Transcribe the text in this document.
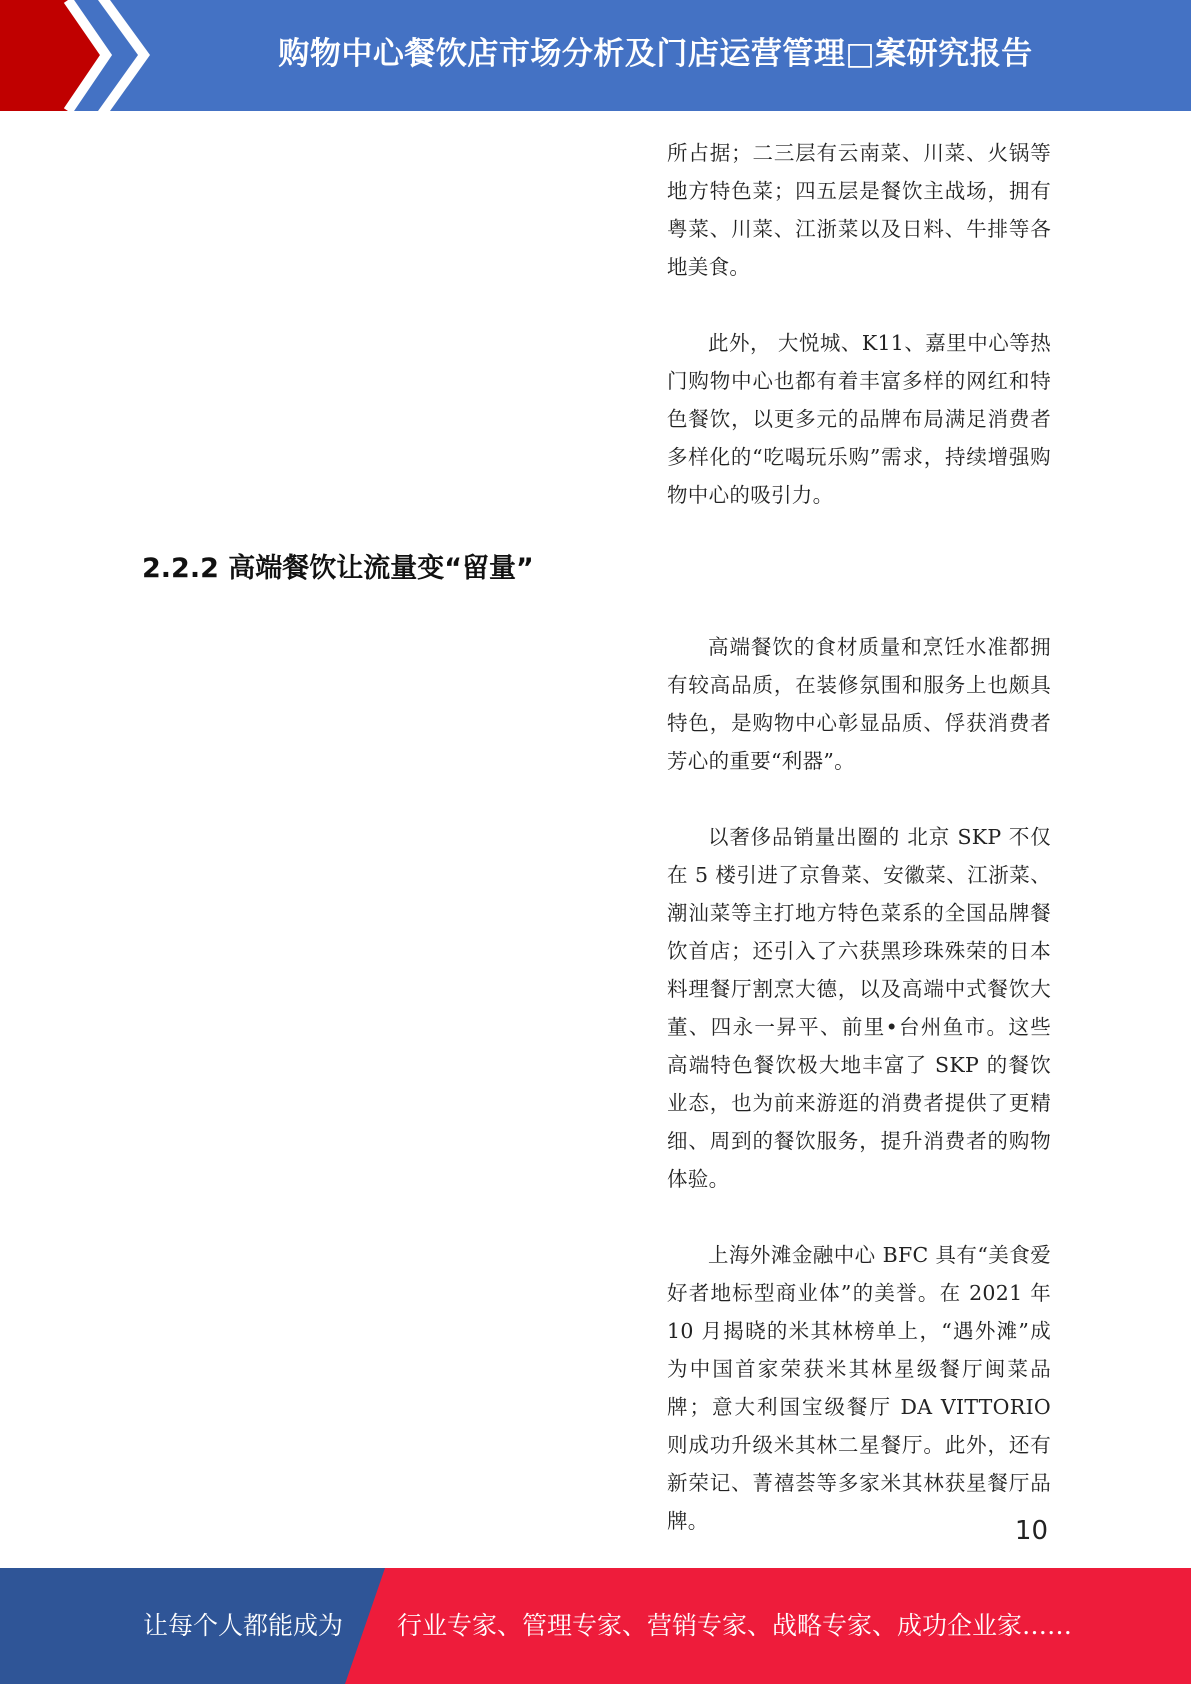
购物中心餐饮店市场分析及门店运营管理□案研究报告

所占据；二三层有云南菜、川菜、火锅等地方特色菜；四五层是餐饮主战场，拥有粤菜、川菜、江浙菜以及日料、牛排等各地美食。

此外， 大悦城、K11、嘉里中心等热门购物中心也都有着丰富多样的网红和特色餐饮，以更多元的品牌布局满足消费者多样化的“吃喝玩乐购”需求，持续增强购物中心的吸引力。

2.2.2 高端餐饮让流量变“留量”

高端餐饮的食材质量和烹饪水准都拥有较高品质，在装修氛围和服务上也颇具特色，是购物中心彰显品质、俘获消费者芳心的重要“利器”。

以奢侈品销量出圈的 北京 SKP 不仅在 5 楼引进了京鲁菜、安徽菜、江浙菜、潮汕菜等主打地方特色菜系的全国品牌餐饮首店；还引入了六获黑珍珠殊荣的日本料理餐厅割烹大德，以及高端中式餐饮大董、四永一昇平、前里•台州鱼市。这些高端特色餐饮极大地丰富了 SKP 的餐饮业态，也为前来游逛的消费者提供了更精细、周到的餐饮服务，提升消费者的购物体验。

上海外滩金融中心 BFC 具有“美食爱好者地标型商业体”的美誉。在 2021 年 10 月揭晓的米其林榜单上，“遇外滩”成为中国首家荣获米其林星级餐厅闽菜品牌；意大利国宝级餐厅 DA VITTORIO 则成功升级米其林二星餐厅。此外，还有新荣记、菁禧荟等多家米其林获星餐厅品牌。	10
让每个人都能成为 行业专家、管理专家、营销专家、战略专家、成功企业家……
